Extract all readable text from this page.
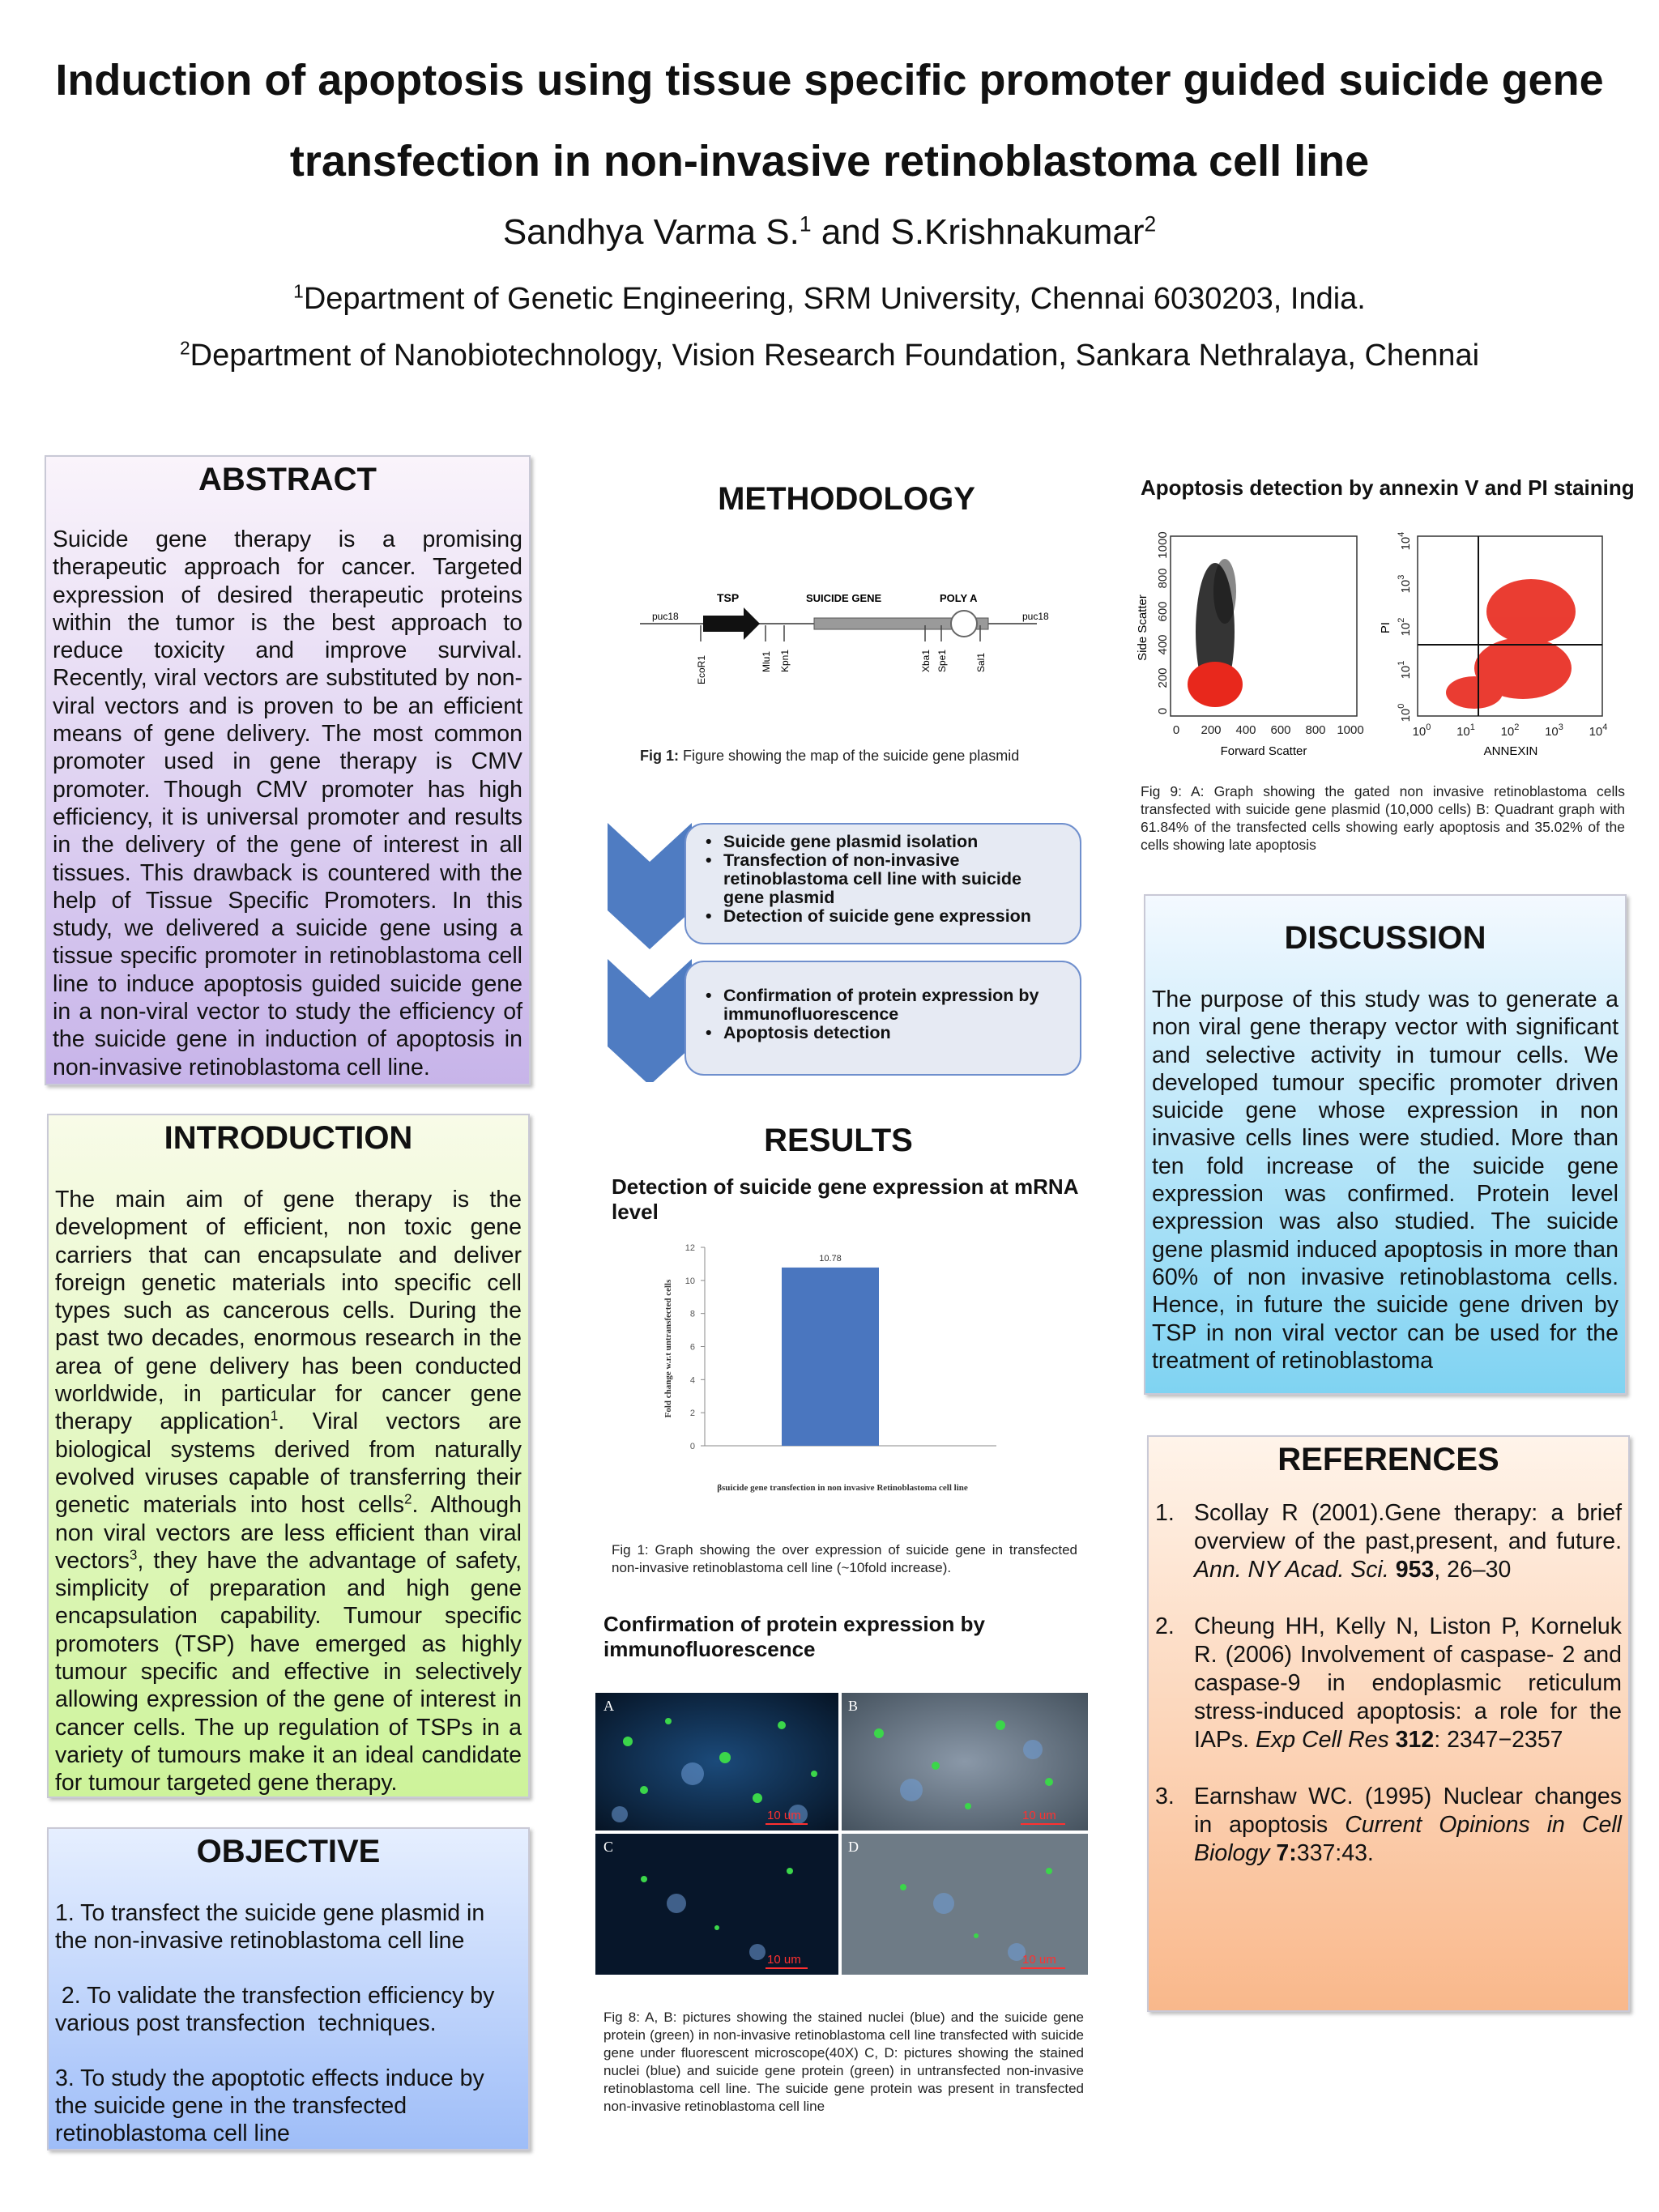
Induction of apoptosis using tissue specific promoter guided suicide gene
transfection in non-invasive retinoblastoma cell line
Sandhya Varma S.$^1$ and S.Krishnakumar$^2$
$^1$Department of Genetic Engineering, SRM University, Chennai 6030203, India.
$^2$Department of Nanobiotechnology, Vision Research Foundation, Sankara Nethralaya, Chennai
ABSTRACT
Suicide gene therapy is a promising therapeutic approach for cancer. Targeted expression of desired therapeutic proteins within the tumor is the best approach to reduce toxicity and improve survival. Recently, viral vectors are substituted by non-viral vectors and is proven to be an efficient means of gene delivery. The most common promoter used in gene therapy is CMV promoter. Though CMV promoter has high efficiency, it is universal promoter and results in the delivery of the gene of interest in all tissues. This drawback is countered with the help of Tissue Specific Promoters. In this study, we delivered a suicide gene using a tissue specific promoter in retinoblastoma cell line to induce apoptosis guided suicide gene in a non-viral vector to study the efficiency of the suicide gene in induction of apoptosis in non-invasive retinoblastoma cell line.
INTRODUCTION
The main aim of gene therapy is the development of efficient, non toxic gene carriers that can encapsulate and deliver foreign genetic materials into specific cell types such as cancerous cells. During the past two decades, enormous research in the area of gene delivery has been conducted worldwide, in particular for cancer gene therapy application$^1$. Viral vectors are biological systems derived from naturally evolved viruses capable of transferring their genetic materials into host cells$^2$. Although non viral vectors are less efficient than viral vectors$^3$, they have the advantage of safety, simplicity of preparation and high gene encapsulation capability. Tumour specific promoters (TSP) have emerged as highly tumour specific and effective in selectively allowing expression of the gene of interest in cancer cells. The up regulation of TSPs in a variety of tumours make it an ideal candidate for tumour targeted gene therapy.
OBJECTIVE
1. To transfect the suicide gene plasmid in the non-invasive retinoblastoma cell line
2. To validate the transfection efficiency by various post transfection  techniques.
3. To study the apoptotic effects induce by the suicide gene in the transfected retinoblastoma cell line
METHODOLOGY
TSP	SUICIDE GENE	POLY A
puc18	puc18
EcoR1	Mlu1 Kpn1	Xba1 Spe1	Sal1
Fig 1: Figure showing the map of the suicide gene plasmid
• Suicide gene plasmid isolation
• Transfection of non-invasive retinoblastoma cell line with suicide gene plasmid
• Detection of suicide gene expression
• Confirmation of protein expression by immunofluorescence
• Apoptosis detection
RESULTS
Detection of suicide gene expression at mRNA level
0
2
4
6
8
10
12
10.78
Fold change w.r.t untransfected cells
βsuicide gene transfection in non invasive Retinoblastoma cell line
Fig 1: Graph showing the over expression of suicide gene in transfected non-invasive retinoblastoma cell line (~10fold increase).
Confirmation of protein expression by immunofluorescence
A	B
C	D
10 um	10 um
10 um	10 um
Fig 8: A, B: pictures showing the stained nuclei (blue) and the suicide gene protein (green) in non-invasive retinoblastoma cell line transfected with suicide gene under fluorescent microscope(40X) C, D: pictures showing the stained nuclei (blue) and suicide gene protein (green) in untransfected non-invasive retinoblastoma cell line. The suicide gene protein was present in transfected non-invasive retinoblastoma cell line
Apoptosis detection by annexin V and PI staining
0 200 400 600 800 1000
0
200
400
600
800
1000
Forward Scatter
Side Scatter
$10^0$
$10^0$
$10^1$
$10^1$
$10^2$
$10^2$
$10^3$
$10^3$
$10^4$
$10^4$
ANNEXIN
PI
Fig 9: A: Graph showing the gated non invasive retinoblastoma cells transfected with suicide gene plasmid (10,000 cells) B: Quadrant graph with 61.84% of the transfected cells showing early apoptosis and 35.02% of the cells showing late apoptosis
DISCUSSION
The purpose of this study was to generate a non viral gene therapy vector with significant and selective activity in tumour cells. We developed tumour specific promoter driven suicide gene whose expression in non invasive cells lines were studied. More than ten fold increase of the suicide gene expression was confirmed. Protein level expression was also studied. The suicide gene plasmid induced apoptosis in more than 60% of non invasive retinoblastoma cells. Hence, in future the suicide gene driven by TSP in non viral vector can be used for the treatment of retinoblastoma
REFERENCES
1. Scollay R (2001).Gene therapy: a brief overview of the past,present, and future. Ann. NY Acad. Sci. 953, 26–30
2. Cheung HH, Kelly N, Liston P, Korneluk R. (2006) Involvement of caspase- 2 and caspase-9 in endoplasmic reticulum stress-induced apoptosis: a role for the IAPs. Exp Cell Res 312: 2347−2357
3. Earnshaw WC. (1995) Nuclear changes in apoptosis Current Opinions in Cell Biology 7:337:43.
